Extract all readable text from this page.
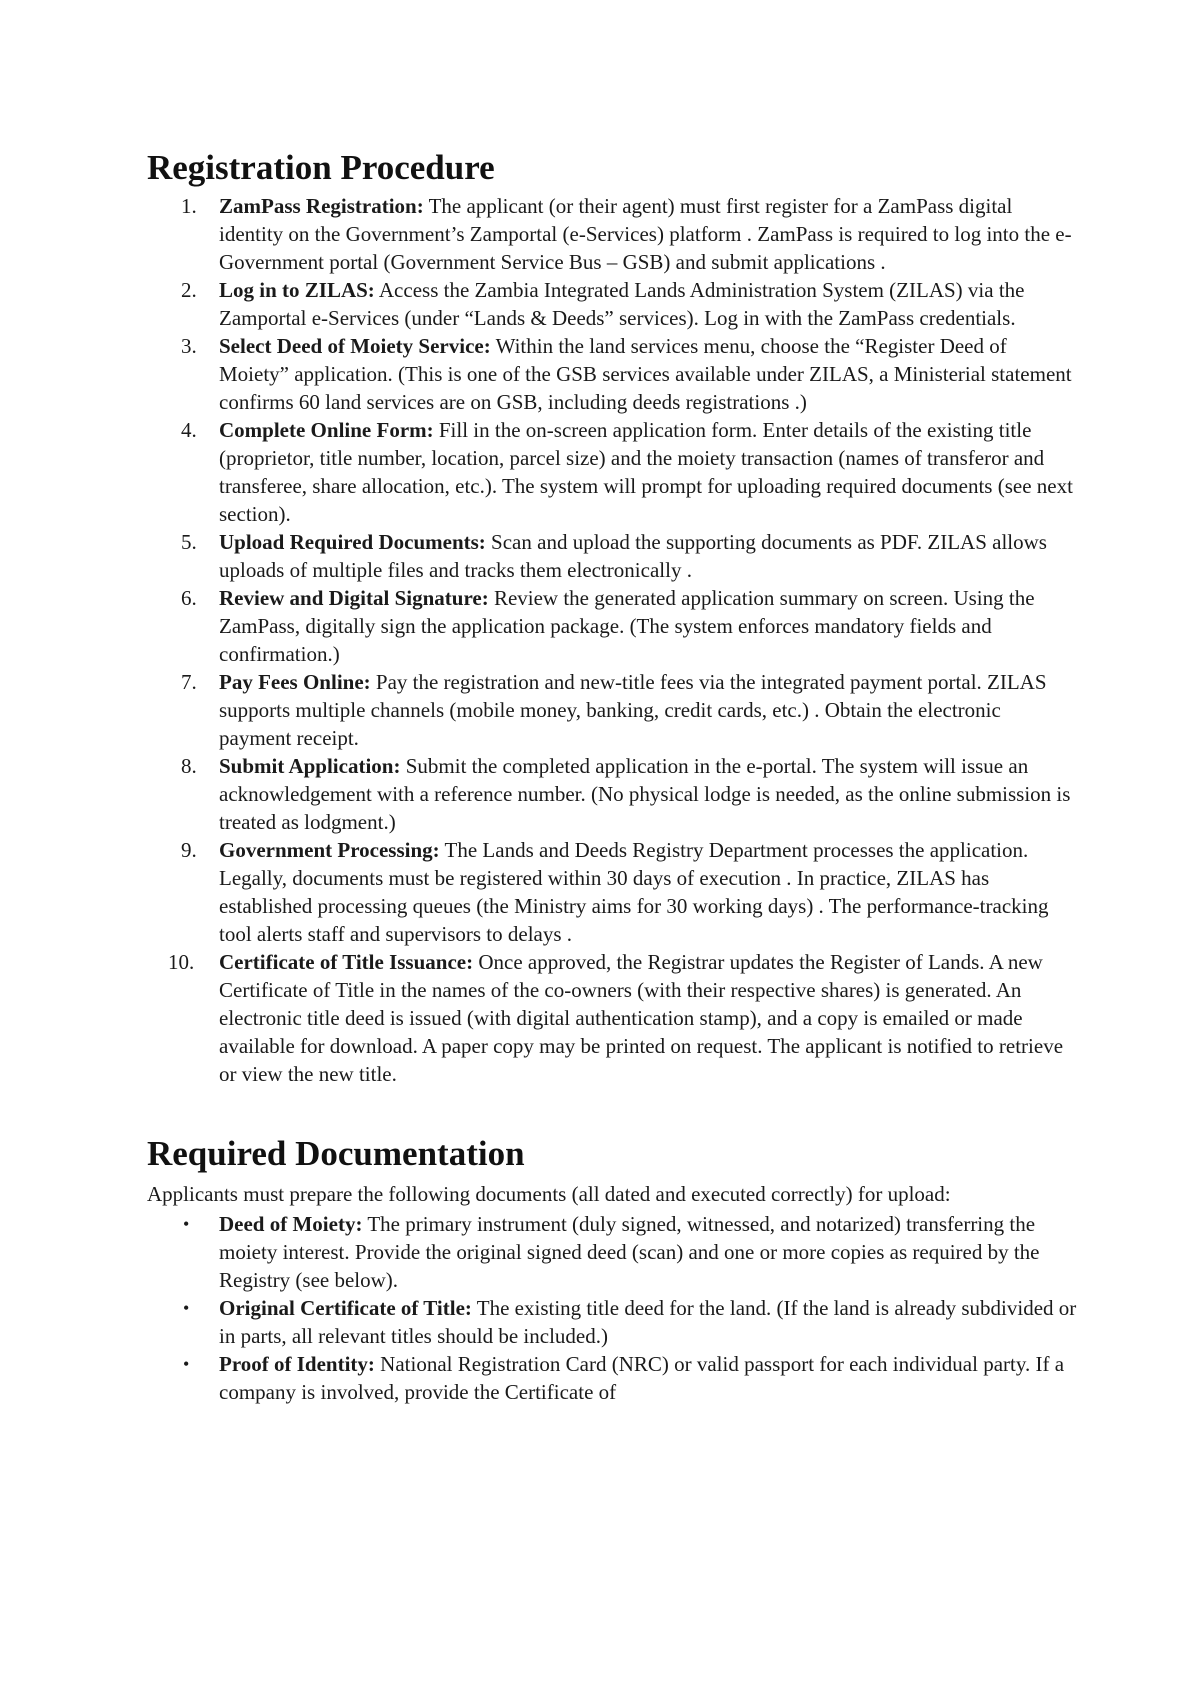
Registration Procedure
1.	ZamPass Registration: The applicant (or their agent) must first register for a ZamPass digital identity on the Government’s Zamportal (e-Services) platform . ZamPass is required to log into the e-Government portal (Government Service Bus – GSB) and submit applications .
2.	Log in to ZILAS: Access the Zambia Integrated Lands Administration System (ZILAS) via the Zamportal e-Services (under “Lands & Deeds” services). Log in with the ZamPass credentials.
3.	Select Deed of Moiety Service: Within the land services menu, choose the “Register Deed of Moiety” application. (This is one of the GSB services available under ZILAS, a Ministerial statement confirms 60 land services are on GSB, including deeds registrations .)
4.	Complete Online Form: Fill in the on-screen application form. Enter details of the existing title (proprietor, title number, location, parcel size) and the moiety transaction (names of transferor and transferee, share allocation, etc.). The system will prompt for uploading required documents (see next section).
5.	Upload Required Documents: Scan and upload the supporting documents as PDF. ZILAS allows uploads of multiple files and tracks them electronically .
6.	Review and Digital Signature: Review the generated application summary on screen. Using the ZamPass, digitally sign the application package. (The system enforces mandatory fields and confirmation.)
7.	Pay Fees Online: Pay the registration and new-title fees via the integrated payment portal. ZILAS supports multiple channels (mobile money, banking, credit cards, etc.) . Obtain the electronic payment receipt.
8.	Submit Application: Submit the completed application in the e-portal. The system will issue an acknowledgement with a reference number. (No physical lodge is needed, as the online submission is treated as lodgment.)
9.	Government Processing: The Lands and Deeds Registry Department processes the application. Legally, documents must be registered within 30 days of execution . In practice, ZILAS has established processing queues (the Ministry aims for 30 working days) . The performance-tracking tool alerts staff and supervisors to delays .
10.	Certificate of Title Issuance: Once approved, the Registrar updates the Register of Lands. A new Certificate of Title in the names of the co-owners (with their respective shares) is generated. An electronic title deed is issued (with digital authentication stamp), and a copy is emailed or made available for download. A paper copy may be printed on request. The applicant is notified to retrieve or view the new title.
Required Documentation

Applicants must prepare the following documents (all dated and executed correctly) for upload:

• Deed of Moiety: The primary instrument (duly signed, witnessed, and notarized) transferring the moiety interest. Provide the original signed deed (scan) and one or more copies as required by the Registry (see below).
• Original Certificate of Title: The existing title deed for the land. (If the land is already subdivided or in parts, all relevant titles should be included.)
• Proof of Identity: National Registration Card (NRC) or valid passport for each individual party. If a company is involved, provide the Certificate of
